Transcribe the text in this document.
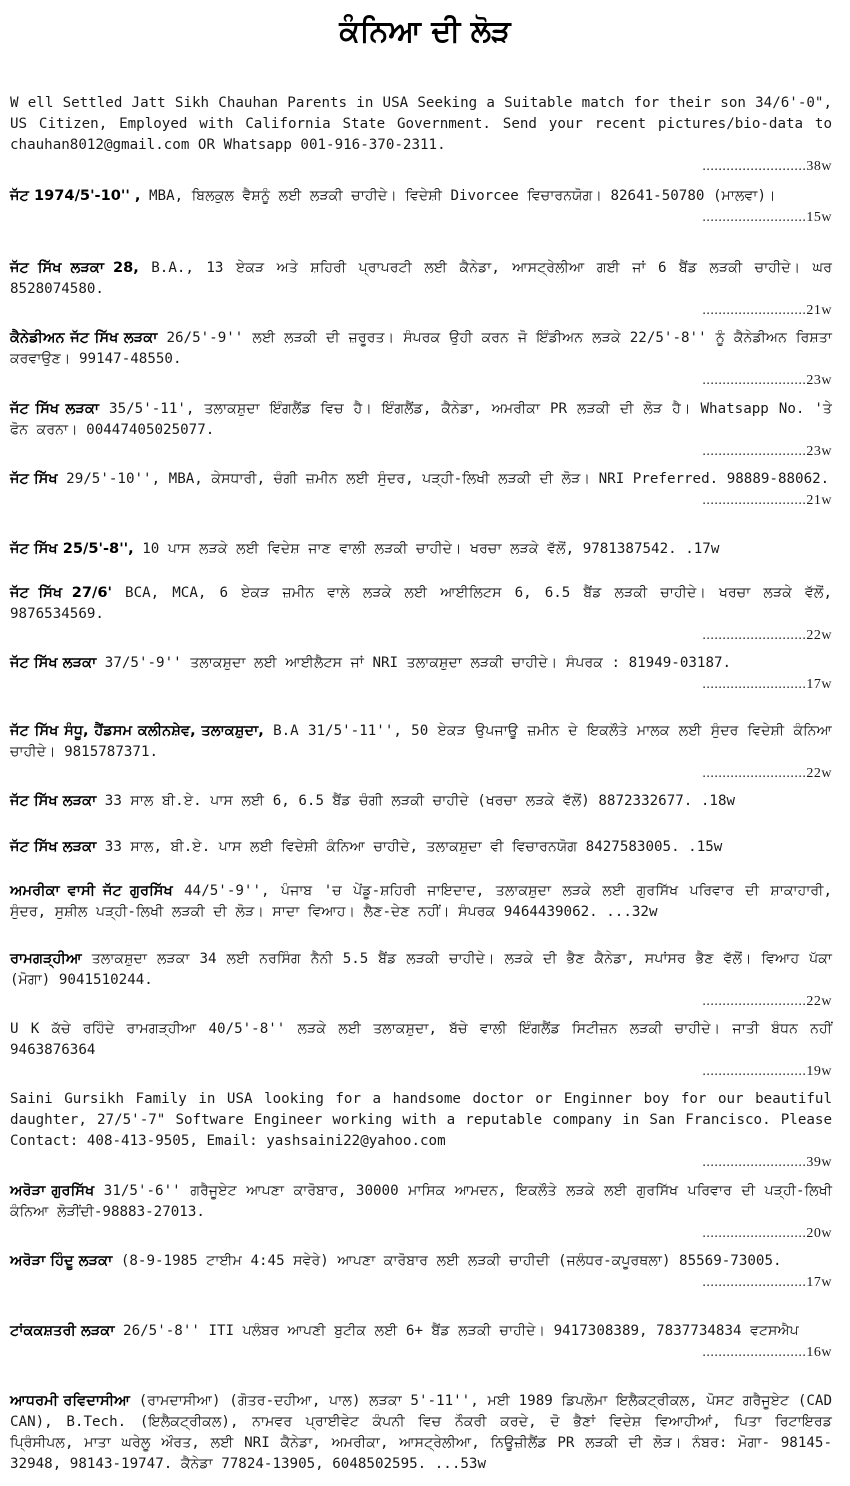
ਕੰਨਿਆ ਦੀ ਲੋੜ
W ell Settled Jatt Sikh Chauhan Parents in USA Seeking a Suitable match for their son 34/6'-0", US Citizen, Employed with California State Government. Send your recent pictures/bio-data to chauhan8012@gmail.com OR Whatsapp 001-916-370-2311.
..........................38w
ਜੱਟ 1974/5'-10'' , MBA, ਬਿਲਕੁਲ ਵੈਸ਼ਨੂੰ ਲਈ ਲੜਕੀ ਚਾਹੀਦੇ। ਵਿਦੇਸ਼ੀ Divorcee ਵਿਚਾਰਨਯੋਗ। 82641-50780 (ਮਾਲਵਾ)।
..........................15w
ਜੱਟ ਸਿੱਖ ਲੜਕਾ 28, B.A., 13 ਏਕੜ ਅਤੇ ਸ਼ਹਿਰੀ ਪ੍ਰਾਪਰਟੀ ਲਈ ਕੈਨੇਡਾ, ਆਸਟ੍ਰੇਲੀਆ ਗਈ ਜਾਂ 6 ਬੈਂਡ ਲੜਕੀ ਚਾਹੀਦੇ। ਘਰ 8528074580.
..........................21w
ਕੈਨੇਡੀਅਨ ਜੱਟ ਸਿੱਖ ਲੜਕਾ 26/5'-9'' ਲਈ ਲੜਕੀ ਦੀ ਜ਼ਰੂਰਤ। ਸੰਪਰਕ ਉਹੀ ਕਰਨ ਜੋ ਇੰਡੀਅਨ ਲੜਕੇ 22/5'-8'' ਨੂੰ ਕੈਨੇਡੀਅਨ ਰਿਸ਼ਤਾ ਕਰਵਾਉਣ। 99147-48550.
..........................23w
ਜੱਟ ਸਿੱਖ ਲੜਕਾ 35/5'-11', ਤਲਾਕਸ਼ੁਦਾ ਇੰਗਲੈਂਡ ਵਿਚ ਹੈ। ਇੰਗਲੈਂਡ, ਕੈਨੇਡਾ, ਅਮਰੀਕਾ PR ਲੜਕੀ ਦੀ ਲੋੜ ਹੈ। Whatsapp No. 'ਤੇ ਫੋਨ ਕਰਨਾ। 00447405025077.
..........................23w
ਜੱਟ ਸਿੱਖ 29/5'-10'', MBA, ਕੇਸਧਾਰੀ, ਚੰਗੀ ਜ਼ਮੀਨ ਲਈ ਸੁੰਦਰ, ਪੜ੍ਹੀ-ਲਿਖੀ ਲੜਕੀ ਦੀ ਲੋੜ। NRI Preferred. 98889-88062.
..........................21w
ਜੱਟ ਸਿੱਖ 25/5'-8'', 10 ਪਾਸ ਲੜਕੇ ਲਈ ਵਿਦੇਸ਼ ਜਾਣ ਵਾਲੀ ਲੜਕੀ ਚਾਹੀਦੇ। ਖਰਚਾ ਲੜਕੇ ਵੱਲੋਂ, 9781387542. .17w
ਜੱਟ ਸਿੱਖ 27/6' BCA, MCA, 6 ਏਕੜ ਜ਼ਮੀਨ ਵਾਲੇ ਲੜਕੇ ਲਈ ਆਈਲਿਟਸ 6, 6.5 ਬੈਂਡ ਲੜਕੀ ਚਾਹੀਦੇ। ਖਰਚਾ ਲੜਕੇ ਵੱਲੋਂ, 9876534569.
..........................22w
ਜੱਟ ਸਿੱਖ ਲੜਕਾ 37/5'-9'' ਤਲਾਕਸ਼ੁਦਾ ਲਈ ਆਈਲੈਟਸ ਜਾਂ NRI ਤਲਾਕਸ਼ੁਦਾ ਲੜਕੀ ਚਾਹੀਦੇ। ਸੰਪਰਕ : 81949-03187.
..........................17w
ਜੱਟ ਸਿੱਖ ਸੰਧੂ, ਹੈਂਡਸਮ ਕਲੀਨਸ਼ੇਵ, ਤਲਾਕਸ਼ੁਦਾ, B.A 31/5'-11'', 50 ਏਕੜ ਉਪਜਾਊ ਜ਼ਮੀਨ ਦੇ ਇਕਲੌਤੇ ਮਾਲਕ ਲਈ ਸੁੰਦਰ ਵਿਦੇਸ਼ੀ ਕੰਨਿਆ ਚਾਹੀਦੇ। 9815787371.
..........................22w
ਜੱਟ ਸਿੱਖ ਲੜਕਾ 33 ਸਾਲ ਬੀ.ਏ. ਪਾਸ ਲਈ 6, 6.5 ਬੈਂਡ ਚੰਗੀ ਲੜਕੀ ਚਾਹੀਦੇ (ਖਰਚਾ ਲੜਕੇ ਵੱਲੋਂ) 8872332677. .18w
ਜੱਟ ਸਿੱਖ ਲੜਕਾ 33 ਸਾਲ, ਬੀ.ਏ. ਪਾਸ ਲਈ ਵਿਦੇਸ਼ੀ ਕੰਨਿਆ ਚਾਹੀਦੇ, ਤਲਾਕਸ਼ੁਦਾ ਵੀ ਵਿਚਾਰਨਯੋਗ 8427583005. .15w
ਅਮਰੀਕਾ ਵਾਸੀ ਜੱਟ ਗੁਰਸਿੱਖ 44/5'-9'', ਪੰਜਾਬ 'ਚ ਪੇਂਡੂ-ਸ਼ਹਿਰੀ ਜਾਇਦਾਦ, ਤਲਾਕਸ਼ੁਦਾ ਲੜਕੇ ਲਈ ਗੁਰਸਿੱਖ ਪਰਿਵਾਰ ਦੀ ਸ਼ਾਕਾਹਾਰੀ, ਸੁੰਦਰ, ਸੁਸ਼ੀਲ ਪੜ੍ਹੀ-ਲਿਖੀ ਲੜਕੀ ਦੀ ਲੋੜ। ਸਾਦਾ ਵਿਆਹ। ਲੈਣ-ਦੇਣ ਨਹੀਂ। ਸੰਪਰਕ 9464439062. ...32w
ਰਾਮਗੜ੍ਹੀਆ ਤਲਾਕਸ਼ੁਦਾ ਲੜਕਾ 34 ਲਈ ਨਰਸਿੰਗ ਨੈਨੀ 5.5 ਬੈਂਡ ਲੜਕੀ ਚਾਹੀਦੇ। ਲੜਕੇ ਦੀ ਭੈਣ ਕੈਨੇਡਾ, ਸਪਾਂਸਰ ਭੈਣ ਵੱਲੋਂ। ਵਿਆਹ ਪੱਕਾ (ਮੋਗਾ) 9041510244.
..........................22w
U K ਕੱਚੇ ਰਹਿੰਦੇ ਰਾਮਗੜ੍ਹੀਆ 40/5'-8'' ਲੜਕੇ ਲਈ ਤਲਾਕਸ਼ੁਦਾ, ਬੱਚੇ ਵਾਲੀ ਇੰਗਲੈਂਡ ਸਿਟੀਜ਼ਨ ਲੜਕੀ ਚਾਹੀਦੇ। ਜਾਤੀ ਬੰਧਨ ਨਹੀਂ 9463876364
..........................19w
Saini Gursikh Family in USA looking for a handsome doctor or Enginner boy for our beautiful daughter, 27/5'-7" Software Engineer working with a reputable company in San Francisco. Please Contact: 408-413-9505, Email: yashsaini22@yahoo.com
..........................39w
ਅਰੋੜਾ ਗੁਰਸਿੱਖ 31/5'-6'' ਗਰੈਜੂਏਟ ਆਪਣਾ ਕਾਰੋਬਾਰ, 30000 ਮਾਸਿਕ ਆਮਦਨ, ਇਕਲੌਤੇ ਲੜਕੇ ਲਈ ਗੁਰਸਿੱਖ ਪਰਿਵਾਰ ਦੀ ਪੜ੍ਹੀ-ਲਿਖੀ ਕੰਨਿਆ ਲੋੜੀਂਦੀ-98883-27013.
..........................20w
ਅਰੋੜਾ ਹਿੰਦੂ ਲੜਕਾ (8-9-1985 ਟਾਈਮ 4:45 ਸਵੇਰੇ) ਆਪਣਾ ਕਾਰੋਬਾਰ ਲਈ ਲੜਕੀ ਚਾਹੀਦੀ (ਜਲੰਧਰ-ਕਪੂਰਥਲਾ) 85569-73005.
..........................17w
ਟਾਂਕਕਸ਼ਤਰੀ ਲੜਕਾ 26/5'-8'' ITI ਪਲੰਬਰ ਆਪਣੀ ਬੁਟੀਕ ਲਈ 6+ ਬੈਂਡ ਲੜਕੀ ਚਾਹੀਦੇ। 9417308389, 7837734834 ਵਟਸਐਪ
..........................16w
ਆਧਰਮੀ ਰਵਿਦਾਸੀਆ (ਰਾਮਦਾਸੀਆ) (ਗੋਤਰ-ਦਹੀਆ, ਪਾਲ) ਲੜਕਾ 5'-11'', ਮਈ 1989 ਡਿਪਲੋਮਾ ਇਲੈਕਟ੍ਰੀਕਲ, ਪੋਸਟ ਗਰੈਜੂਏਟ (CAD CAN), B.Tech. (ਇਲੈਕਟ੍ਰੀਕਲ), ਨਾਮਵਰ ਪ੍ਰਾਈਵੇਟ ਕੰਪਨੀ ਵਿਚ ਨੌਕਰੀ ਕਰਦੇ, ਦੋ ਭੈਣਾਂ ਵਿਦੇਸ਼ ਵਿਆਹੀਆਂ, ਪਿਤਾ ਰਿਟਾਇਰਡ ਪ੍ਰਿੰਸੀਪਲ, ਮਾਤਾ ਘਰੇਲੂ ਔਰਤ, ਲਈ NRI ਕੈਨੇਡਾ, ਅਮਰੀਕਾ, ਆਸਟ੍ਰੇਲੀਆ, ਨਿਊਜ਼ੀਲੈਂਡ PR ਲੜਕੀ ਦੀ ਲੋੜ। ਨੰਬਰ: ਮੋਗਾ- 98145-32948, 98143-19747. ਕੈਨੇਡਾ 77824-13905, 6048502595. ...53w
